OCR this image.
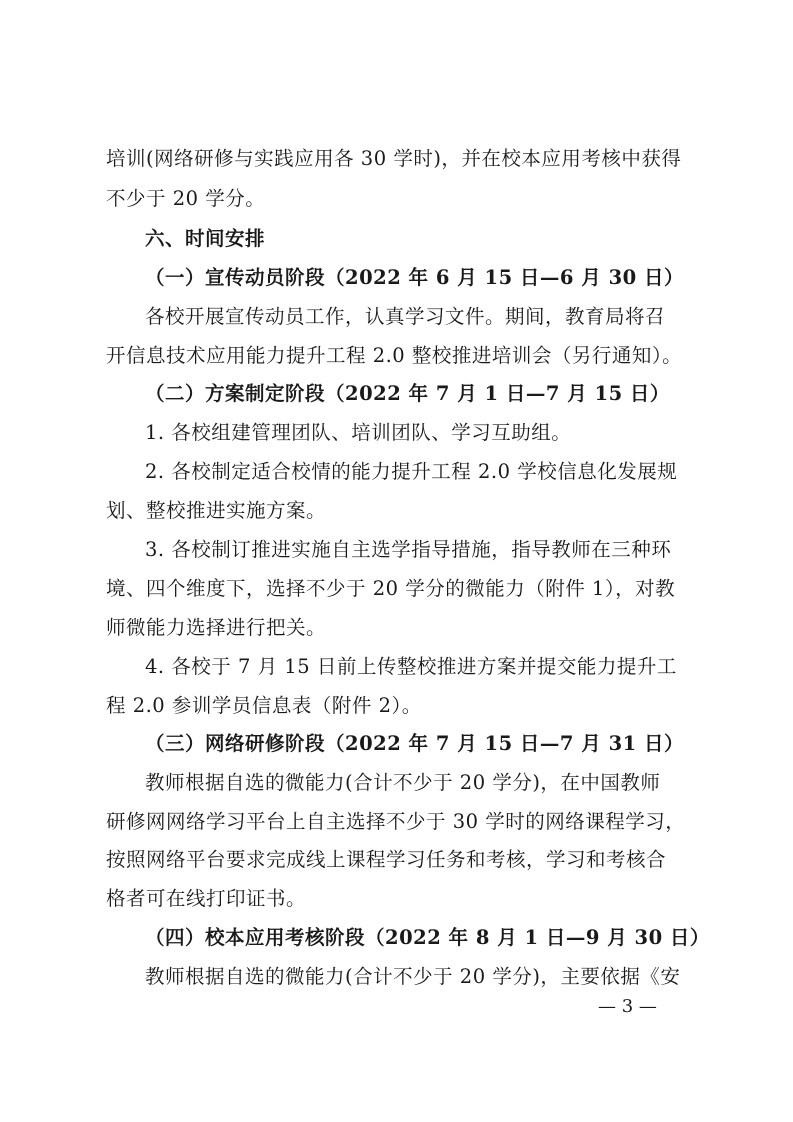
培训(网络研修与实践应用各 30 学时)，并在校本应用考核中获得
不少于 20 学分。
六、时间安排
（一）宣传动员阶段（2022 年 6 月 15 日—6 月 30 日）
各校开展宣传动员工作，认真学习文件。期间，教育局将召
开信息技术应用能力提升工程 2.0 整校推进培训会（另行通知）。
（二）方案制定阶段（2022 年 7 月 1 日—7 月 15 日）
1. 各校组建管理团队、培训团队、学习互助组。
2. 各校制定适合校情的能力提升工程 2.0 学校信息化发展规
划、整校推进实施方案。
3. 各校制订推进实施自主选学指导措施，指导教师在三种环
境、四个维度下，选择不少于 20 学分的微能力（附件 1），对教
师微能力选择进行把关。
4. 各校于 7 月 15 日前上传整校推进方案并提交能力提升工
程 2.0 参训学员信息表（附件 2）。
（三）网络研修阶段（2022 年 7 月 15 日—7 月 31 日）
教师根据自选的微能力(合计不少于 20 学分)，在中国教师
研修网网络学习平台上自主选择不少于 30 学时的网络课程学习，
按照网络平台要求完成线上课程学习任务和考核，学习和考核合
格者可在线打印证书。
（四）校本应用考核阶段（2022 年 8 月 1 日—9 月 30 日）
教师根据自选的微能力(合计不少于 20 学分)，主要依据《安
— 3 —
